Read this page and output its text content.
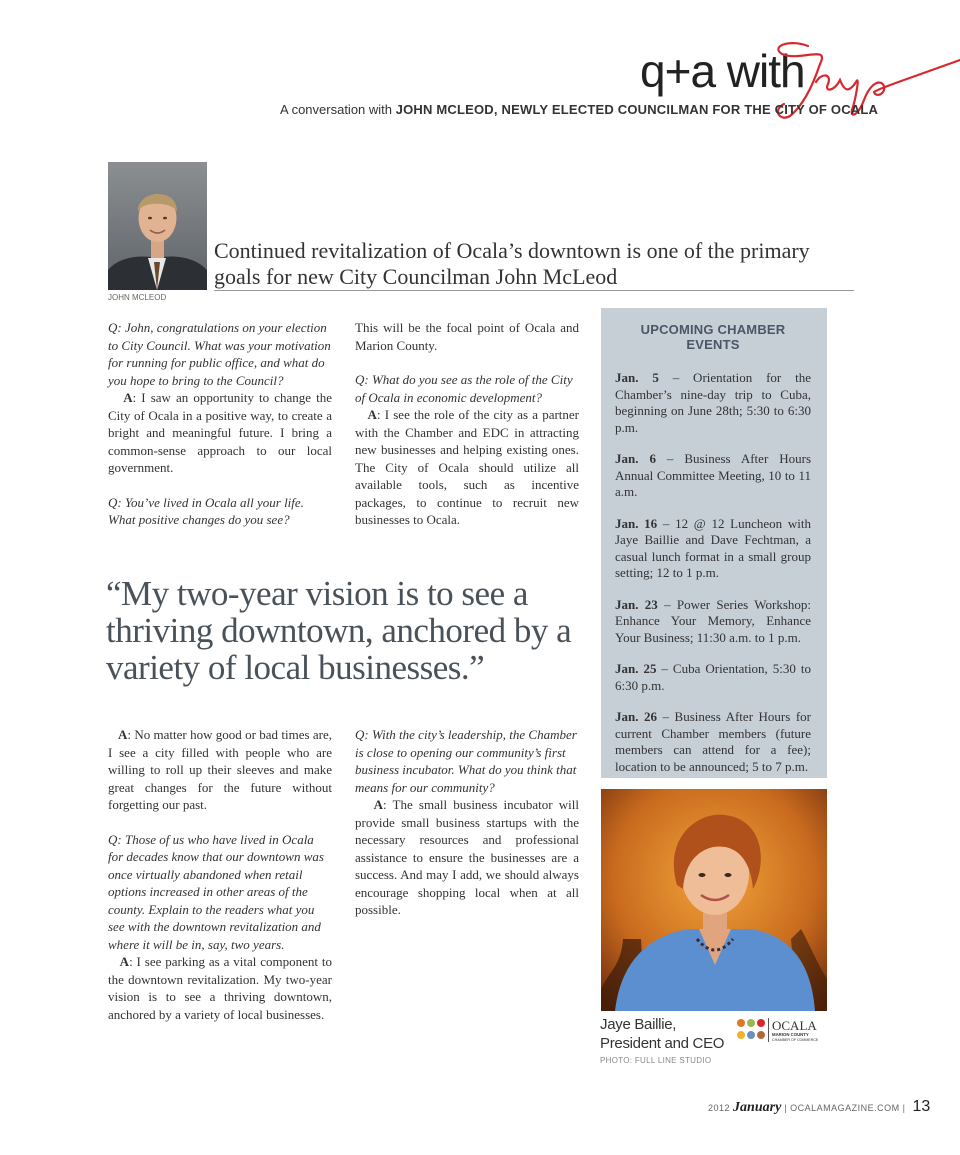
q+a with
A conversation with JOHN MCLEOD, NEWLY ELECTED COUNCILMAN FOR THE CITY OF OCALA
JOHN MCLEOD
Continued revitalization of Ocala’s downtown is one of the primary goals for new City Councilman John McLeod

Q: John, congratulations on your election to City Council. What was your motivation for running for public office, and what do you hope to bring to the Council?

A: I saw an opportunity to change the City of Ocala in a positive way, to create a bright and meaningful future. I bring a common-sense approach to our local government.

Q: You’ve lived in Ocala all your life. What positive changes do you see?

This will be the focal point of Ocala and Marion County.

Q: What do you see as the role of the City of Ocala in economic development?

A: I see the role of the city as a partner with the Chamber and EDC in attracting new businesses and helping existing ones. The City of Ocala should utilize all available tools, such as incentive packages, to continue to recruit new businesses to Ocala.

“My two-year vision is to see a thriving downtown, anchored by a variety of local businesses.”

A: No matter how good or bad times are, I see a city filled with people who are willing to roll up their sleeves and make great changes for the future without forgetting our past.

Q: Those of us who have lived in Ocala for decades know that our downtown was once virtually abandoned when retail options increased in other areas of the county. Explain to the readers what you see with the downtown revitalization and where it will be in, say, two years.

A: I see parking as a vital component to the downtown revitalization. My two-year vision is to see a thriving downtown, anchored by a variety of local businesses.

Q: With the city’s leadership, the Chamber is close to opening our community’s first business incubator. What do you think that means for our community?

A: The small business incubator will provide small business startups with the necessary resources and professional assistance to ensure the businesses are a success. And may I add, we should always encourage shopping local when at all possible.

UPCOMING CHAMBER EVENTS
Jan. 5 – Orientation for the Chamber’s nine-day trip to Cuba, beginning on June 28th; 5:30 to 6:30 p.m.
Jan. 6 – Business After Hours Annual Committee Meeting, 10 to 11 a.m.
Jan. 16 – 12 @ 12 Luncheon with Jaye Baillie and Dave Fechtman, a casual lunch format in a small group setting; 12 to 1 p.m.
Jan. 23 – Power Series Workshop: Enhance Your Memory, Enhance Your Business; 11:30 a.m. to 1 p.m.
Jan. 25 – Cuba Orientation, 5:30 to 6:30 p.m.
Jan. 26 – Business After Hours for current Chamber members (future members can attend for a fee); location to be announced; 5 to 7 p.m.
Jaye Baillie,
President and CEO
PHOTO: FULL LINE STUDIO
OCALA
MARION COUNTY
CHAMBER OF COMMERCE
2012 January | OCALAMAGAZINE.COM | 13
